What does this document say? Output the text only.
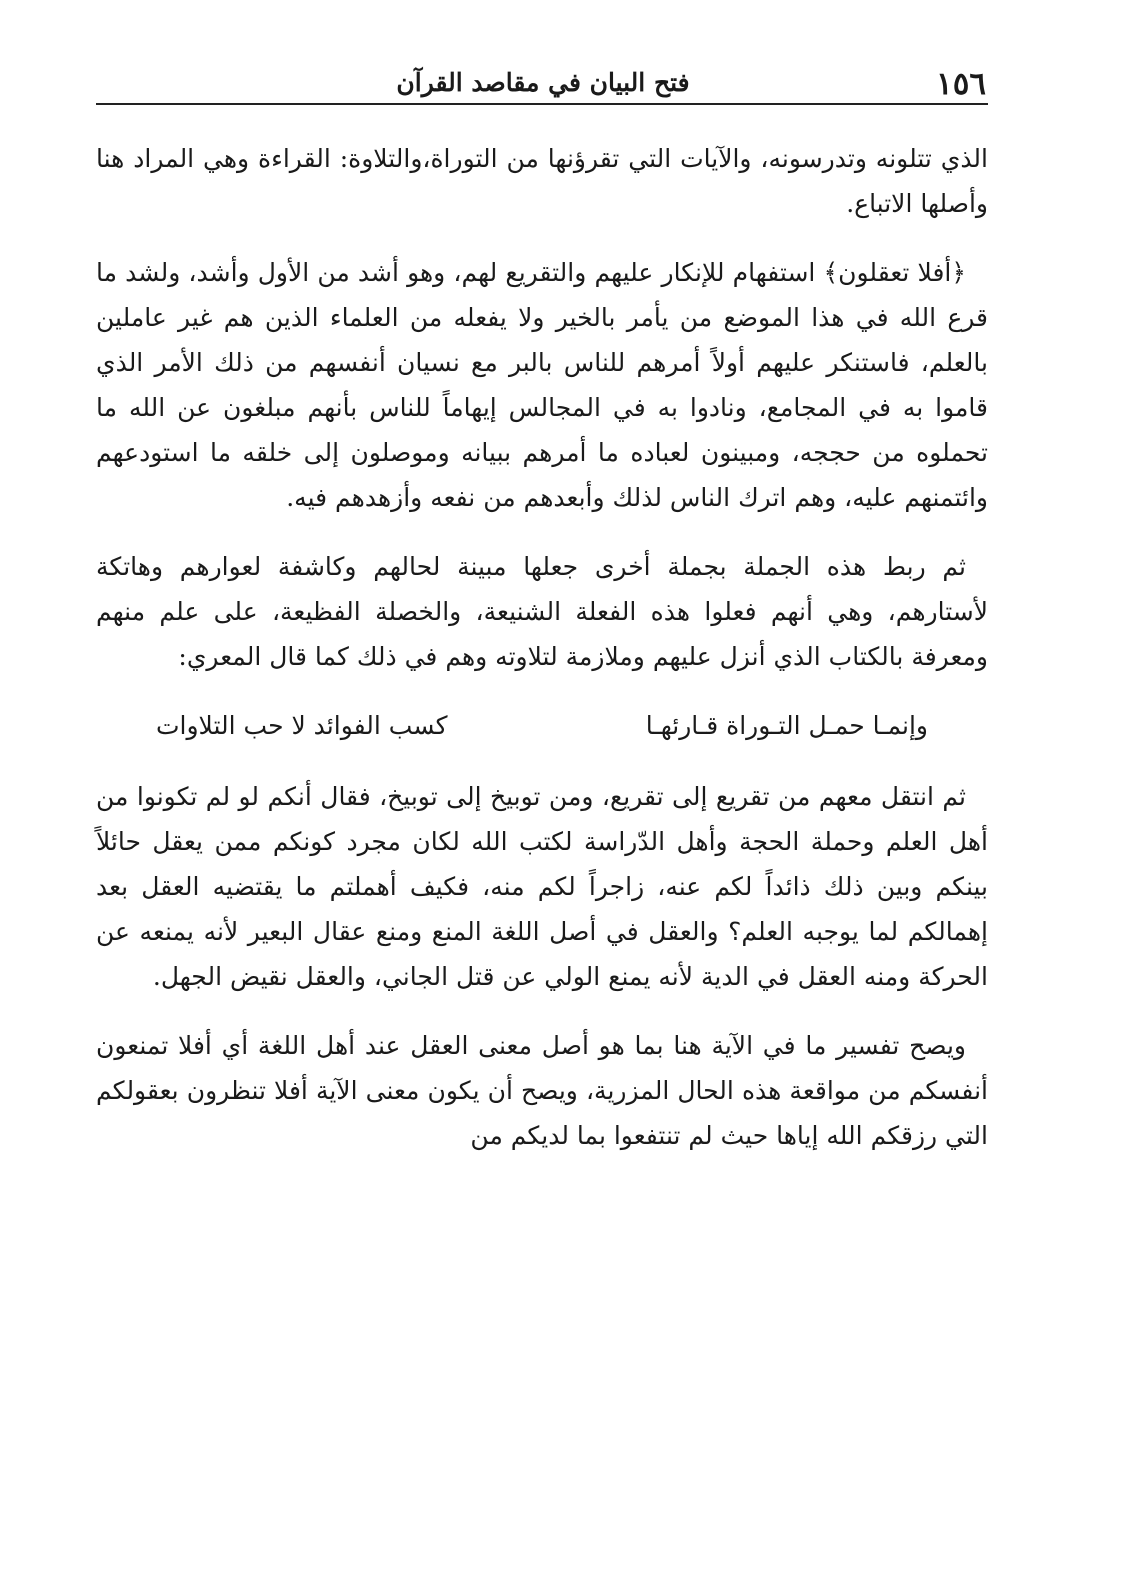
١٥٦
فتح البيان في مقاصد القرآن

الذي تتلونه وتدرسونه، والآيات التي تقرؤنها من التوراة،والتلاوة: القراءة وهي المراد هنا وأصلها الاتباع.

﴿أفلا تعقلون﴾ استفهام للإنكار عليهم والتقريع لهم، وهو أشد من الأول وأشد، ولشد ما قرع الله في هذا الموضع من يأمر بالخير ولا يفعله من العلماء الذين هم غير عاملين بالعلم، فاستنكر عليهم أولاً أمرهم للناس بالبر مع نسيان أنفسهم من ذلك الأمر الذي قاموا به في المجامع، ونادوا به في المجالس إيهاماً للناس بأنهم مبلغون عن الله ما تحملوه من حججه، ومبينون لعباده ما أمرهم ببيانه وموصلون إلى خلقه ما استودعهم وائتمنهم عليه، وهم اترك الناس لذلك وأبعدهم من نفعه وأزهدهم فيه.

ثم ربط هذه الجملة بجملة أخرى جعلها مبينة لحالهم وكاشفة لعوارهم وهاتكة لأستارهم، وهي أنهم فعلوا هذه الفعلة الشنيعة، والخصلة الفظيعة، على علم منهم ومعرفة بالكتاب الذي أنزل عليهم وملازمة لتلاوته وهم في ذلك كما قال المعري:

وإنمـا حمـل التـوراة قـارئهـا
كسب الفوائد لا حب التلاوات

ثم انتقل معهم من تقريع إلى تقريع، ومن توبيخ إلى توبيخ، فقال أنكم لو لم تكونوا من أهل العلم وحملة الحجة وأهل الدّراسة لكتب الله لكان مجرد كونكم ممن يعقل حائلاً بينكم وبين ذلك ذائداً لكم عنه، زاجراً لكم منه، فكيف أهملتم ما يقتضيه العقل بعد إهمالكم لما يوجبه العلم؟ والعقل في أصل اللغة المنع ومنع عقال البعير لأنه يمنعه عن الحركة ومنه العقل في الدية لأنه يمنع الولي عن قتل الجاني، والعقل نقيض الجهل.

ويصح تفسير ما في الآية هنا بما هو أصل معنى العقل عند أهل اللغة أي أفلا تمنعون أنفسكم من مواقعة هذه الحال المزرية، ويصح أن يكون معنى الآية أفلا تنظرون بعقولكم التي رزقكم الله إياها حيث لم تنتفعوا بما لديكم من
